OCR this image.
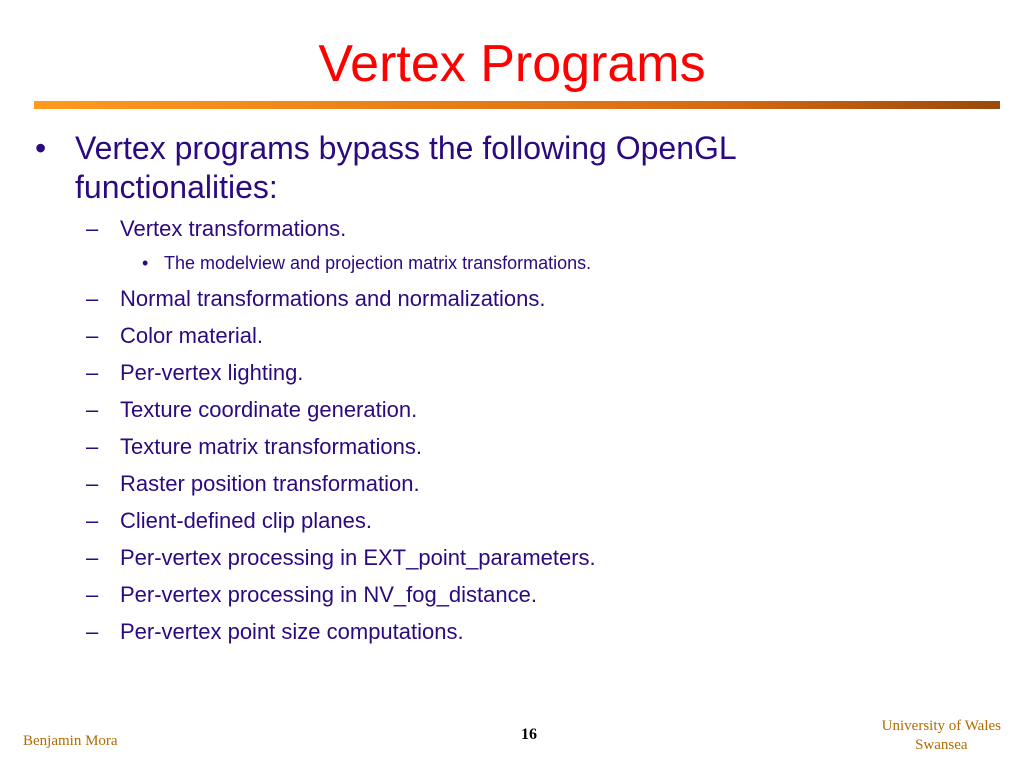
Vertex Programs
• Vertex programs bypass the following OpenGL functionalities:
– Vertex transformations.
• The modelview and projection matrix transformations.
– Normal transformations and normalizations.
– Color material.
– Per-vertex lighting.
– Texture coordinate generation.
– Texture matrix transformations.
– Raster position transformation.
– Client-defined clip planes.
– Per-vertex processing in EXT_point_parameters.
– Per-vertex processing in NV_fog_distance.
– Per-vertex point size computations.
Benjamin Mora	16	University of Wales
Swansea
